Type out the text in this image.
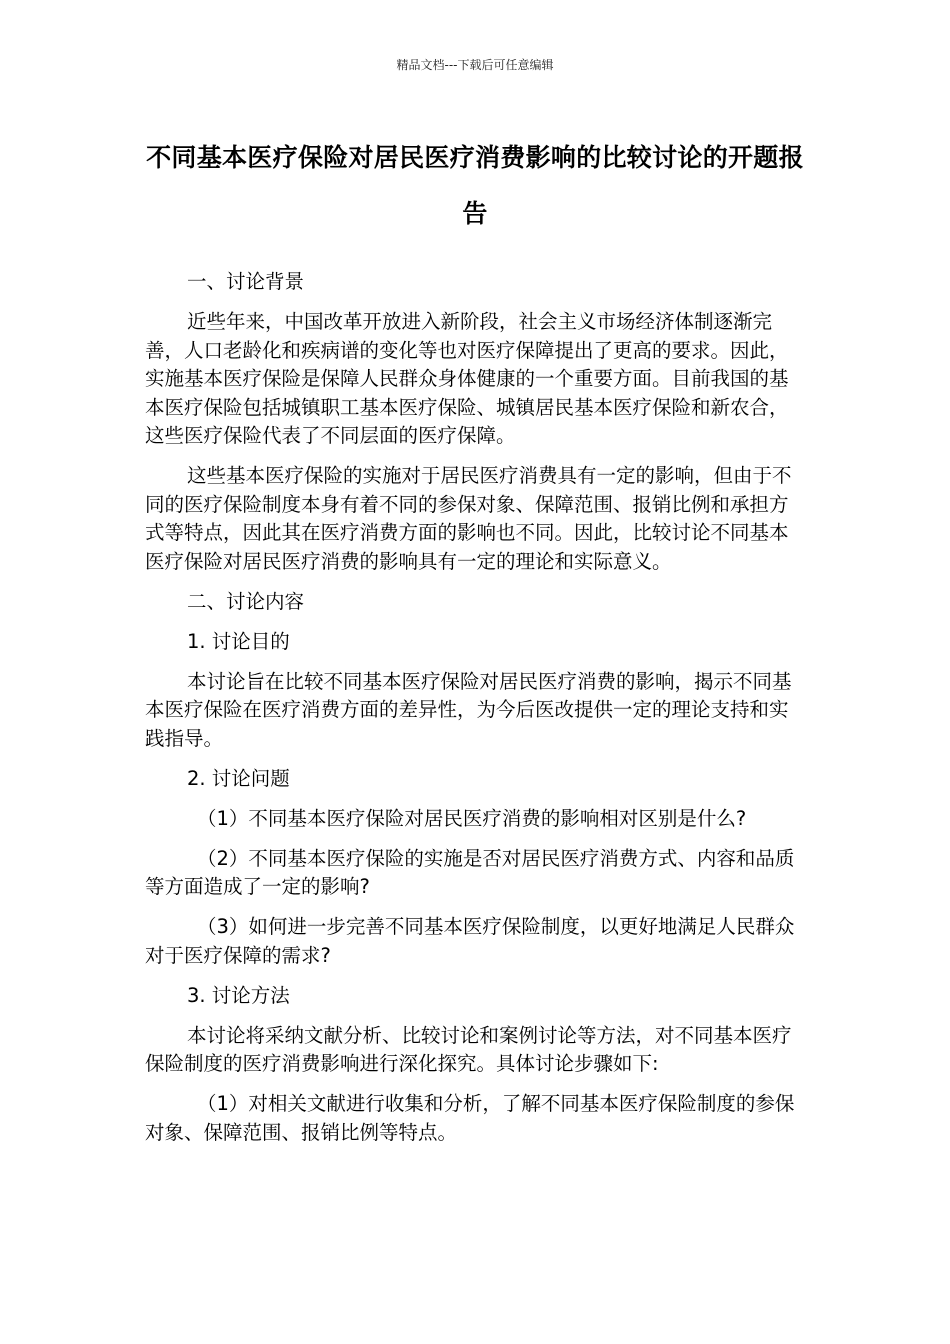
精品文档---下载后可任意编辑
不同基本医疗保险对居民医疗消费影响的比较讨论的开题报告

一、讨论背景

近些年来，中国改革开放进入新阶段，社会主义市场经济体制逐渐完善，人口老龄化和疾病谱的变化等也对医疗保障提出了更高的要求。因此，实施基本医疗保险是保障人民群众身体健康的一个重要方面。目前我国的基本医疗保险包括城镇职工基本医疗保险、城镇居民基本医疗保险和新农合，这些医疗保险代表了不同层面的医疗保障。

这些基本医疗保险的实施对于居民医疗消费具有一定的影响，但由于不同的医疗保险制度本身有着不同的参保对象、保障范围、报销比例和承担方式等特点，因此其在医疗消费方面的影响也不同。因此，比较讨论不同基本医疗保险对居民医疗消费的影响具有一定的理论和实际意义。

二、讨论内容

1. 讨论目的

本讨论旨在比较不同基本医疗保险对居民医疗消费的影响，揭示不同基本医疗保险在医疗消费方面的差异性，为今后医改提供一定的理论支持和实践指导。

2. 讨论问题

（1）不同基本医疗保险对居民医疗消费的影响相对区别是什么?

（2）不同基本医疗保险的实施是否对居民医疗消费方式、内容和品质等方面造成了一定的影响?

（3）如何进一步完善不同基本医疗保险制度，以更好地满足人民群众对于医疗保障的需求?

3. 讨论方法

本讨论将采纳文献分析、比较讨论和案例讨论等方法，对不同基本医疗保险制度的医疗消费影响进行深化探究。具体讨论步骤如下:

（1）对相关文献进行收集和分析，了解不同基本医疗保险制度的参保对象、保障范围、报销比例等特点。
